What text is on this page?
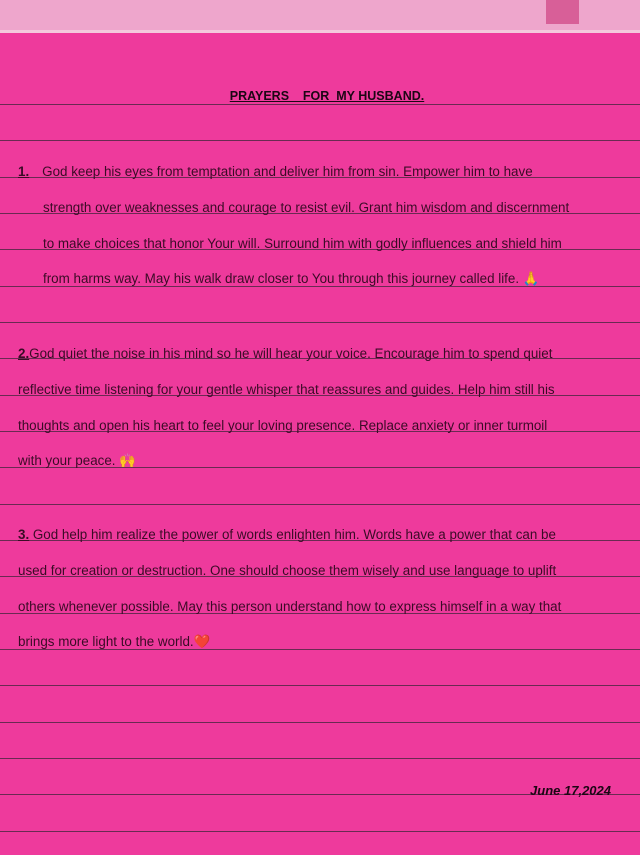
PRAYERS    FOR  MY HUSBAND.
1. God keep his eyes from temptation and deliver him from sin. Empower him to have
strength over weaknesses and courage to resist evil. Grant him wisdom and discernment
to make choices that honor Your will. Surround him with godly influences and shield him
from harms way. May his walk draw closer to You through this journey called life. 🙏
2.God quiet the noise in his mind so he will hear your voice. Encourage him to spend quiet
reflective time listening for your gentle whisper that reassures and guides. Help him still his
thoughts and open his heart to feel your loving presence. Replace anxiety or inner turmoil
with your peace. 🙌
3. God help him realize the power of words enlighten him. Words have a power that can be
used for creation or destruction. One should choose them wisely and use language to uplift
others whenever possible. May this person understand how to express himself in a way that
brings more light to the world.❤️
June 17,2024
